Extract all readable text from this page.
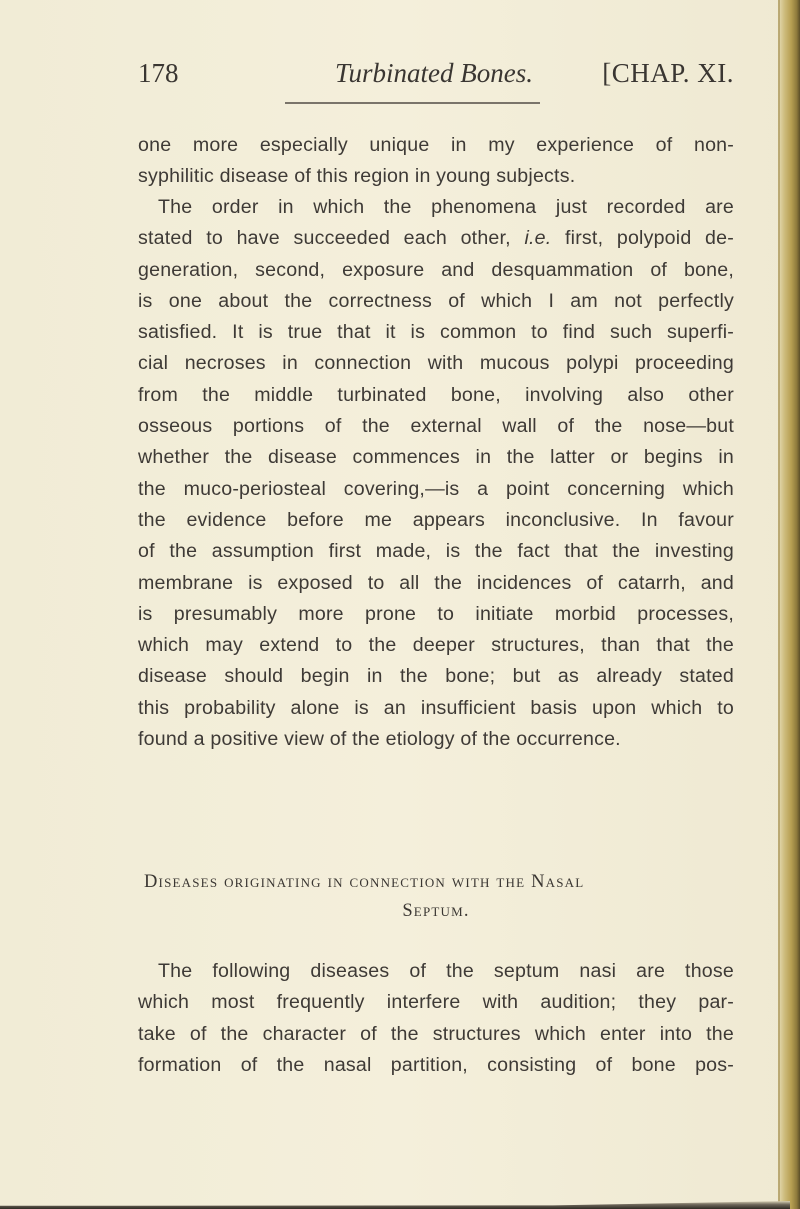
178	Turbinated Bones.	[CHAP. XI.
one more especially unique in my experience of non-
syphilitic disease of this region in young subjects.
The order in which the phenomena just recorded are
stated to have succeeded each other, i.e. first, polypoid de-
generation, second, exposure and desquammation of bone,
is one about the correctness of which I am not perfectly
satisfied. It is true that it is common to find such superfi-
cial necroses in connection with mucous polypi proceeding
from the middle turbinated bone, involving also other
osseous portions of the external wall of the nose—but
whether the disease commences in the latter or begins in
the muco-periosteal covering,—is a point concerning which
the evidence before me appears inconclusive. In favour
of the assumption first made, is the fact that the investing
membrane is exposed to all the incidences of catarrh, and
is presumably more prone to initiate morbid processes,
which may extend to the deeper structures, than that the
disease should begin in the bone; but as already stated
this probability alone is an insufficient basis upon which to
found a positive view of the etiology of the occurrence.
Diseases originating in connection with the Nasal
Septum.
The following diseases of the septum nasi are those
which most frequently interfere with audition; they par-
take of the character of the structures which enter into the
formation of the nasal partition, consisting of bone pos-
